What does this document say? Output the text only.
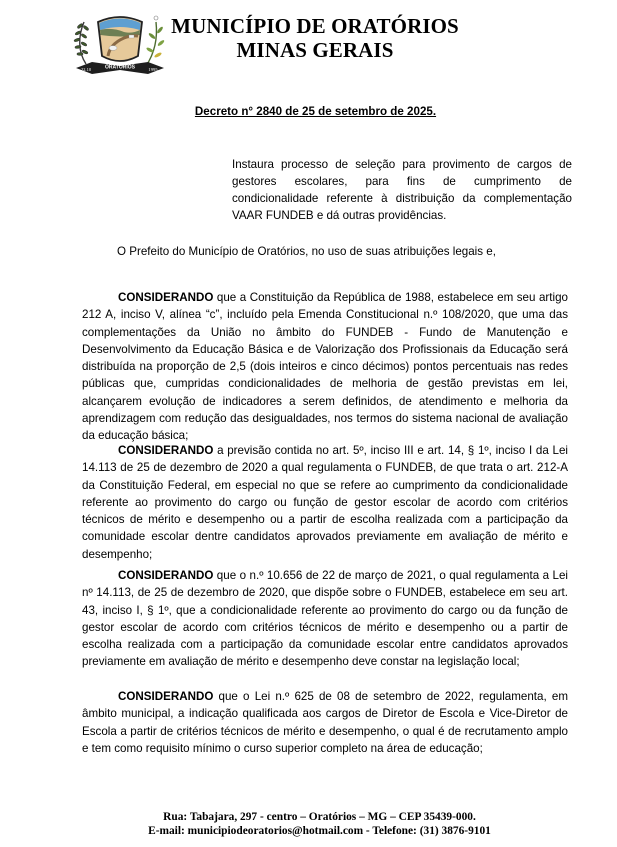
ORATÓRIOS
22.10	1995
MUNICÍPIO DE ORATÓRIOS
MINAS GERAIS
Decreto n° 2840 de 25 de setembro de 2025.
Instaura processo de seleção para provimento de cargos de gestores escolares, para fins de cumprimento de condicionalidade referente à distribuição da complementação VAAR FUNDEB e dá outras providências.
O Prefeito do Município de Oratórios, no uso de suas atribuições legais e,
CONSIDERANDO que a Constituição da República de 1988, estabelece em seu artigo 212 A, inciso V, alínea “c”, incluído pela Emenda Constitucional n.º 108/2020, que uma das complementações da União no âmbito do FUNDEB - Fundo de Manutenção e Desenvolvimento da Educação Básica e de Valorização dos Profissionais da Educação será distribuída na proporção de 2,5 (dois inteiros e cinco décimos) pontos percentuais nas redes públicas que, cumpridas condicionalidades de melhoria de gestão previstas em lei, alcançarem evolução de indicadores a serem definidos, de atendimento e melhoria da aprendizagem com redução das desigualdades, nos termos do sistema nacional de avaliação da educação básica;
CONSIDERANDO a previsão contida no art. 5º, inciso III e art. 14, § 1º, inciso I da Lei 14.113 de 25 de dezembro de 2020 a qual regulamenta o FUNDEB, de que trata o art. 212-A da Constituição Federal, em especial no que se refere ao cumprimento da condicionalidade referente ao provimento do cargo ou função de gestor escolar de acordo com critérios técnicos de mérito e desempenho ou a partir de escolha realizada com a participação da comunidade escolar dentre candidatos aprovados previamente em avaliação de mérito e desempenho;
CONSIDERANDO que o n.º 10.656 de 22 de março de 2021, o qual regulamenta a Lei nº 14.113, de 25 de dezembro de 2020, que dispõe sobre o FUNDEB, estabelece em seu art. 43, inciso I, § 1º, que a condicionalidade referente ao provimento do cargo ou da função de gestor escolar de acordo com critérios técnicos de mérito e desempenho ou a partir de escolha realizada com a participação da comunidade escolar entre candidatos aprovados previamente em avaliação de mérito e desempenho deve constar na legislação local;
CONSIDERANDO que o Lei n.º 625 de 08 de setembro de 2022, regulamenta, em âmbito municipal, a indicação qualificada aos cargos de Diretor de Escola e Vice-Diretor de Escola a partir de critérios técnicos de mérito e desempenho, o qual é de recrutamento amplo e tem como requisito mínimo o curso superior completo na área de educação;
Rua: Tabajara, 297 - centro – Oratórios – MG – CEP 35439-000.
E-mail: municipiodeoratorios@hotmail.com - Telefone: (31) 3876-9101
